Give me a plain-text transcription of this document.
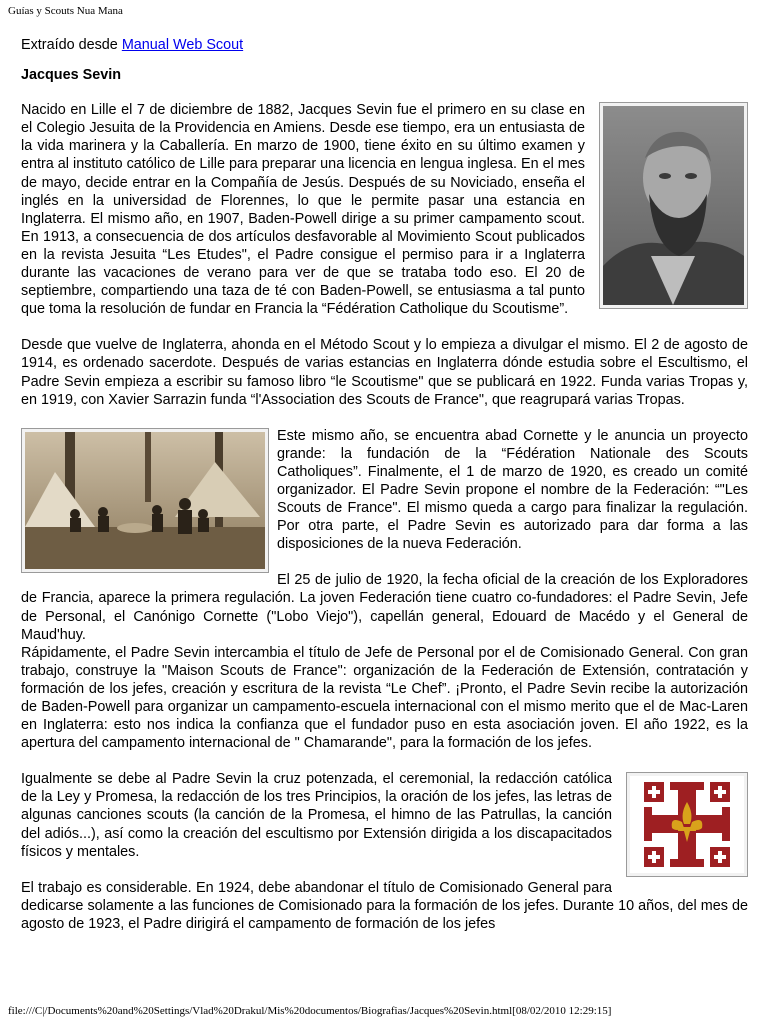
Guías y Scouts Nua Mana

Extraído desde Manual Web Scout

Jacques Sevin

Nacido en Lille el 7 de diciembre de 1882, Jacques Sevin fue el primero en su clase en el Colegio Jesuita de la Providencia en Amiens. Desde ese tiempo, era un entusiasta de la vida marinera y la Caballería. En marzo de 1900, tiene éxito en su último examen y entra al instituto católico de Lille para preparar una licencia en lengua inglesa. En el mes de mayo, decide entrar en la Compañía de Jesús. Después de su Noviciado, enseña el inglés en la universidad de Florennes, lo que le permite pasar una estancia en Inglaterra. El mismo año, en 1907, Baden-Powell dirige a su primer campamento scout. En 1913, a consecuencia de dos artículos desfavorable al Movimiento Scout publicados en la revista Jesuita “Les Etudes", el Padre consigue el permiso para ir a Inglaterra durante las vacaciones de verano para ver de que se trataba todo eso. El 20 de septiembre, compartiendo una taza de té con Baden-Powell, se entusiasma a tal punto que toma la resolución de fundar en Francia la “Fédération Catholique du Scoutisme”.

Desde que vuelve de Inglaterra, ahonda en el Método Scout y lo empieza a divulgar el mismo. El 2 de agosto de 1914, es ordenado sacerdote. Después de varias estancias en Inglaterra dónde estudia sobre el Escultismo, el Padre Sevin empieza a escribir su famoso libro “le Scoutisme" que se publicará en 1922. Funda varias Tropas y, en 1919, con Xavier Sarrazin funda “l'Association des Scouts de France", que reagrupará varias Tropas.

Este mismo año, se encuentra abad Cornette y le anuncia un proyecto grande: la fundación de la “Fédération Nationale des Scouts Catholiques”. Finalmente, el 1 de marzo de 1920, es creado un comité organizador. El Padre Sevin propone el nombre de la Federación: “"Les Scouts de France". El mismo queda a cargo para finalizar la regulación. Por otra parte, el Padre Sevin es autorizado para dar forma a las disposiciones de la nueva Federación.

El 25 de julio de 1920, la fecha oficial de la creación de los Exploradores de Francia, aparece la primera regulación. La joven Federación tiene cuatro co-fundadores: el Padre Sevin, Jefe de Personal, el Canónigo Cornette ("Lobo Viejo"), capellán general, Edouard de Macédo y el General de Maud'huy.

Rápidamente, el Padre Sevin intercambia el título de Jefe de Personal por el de Comisionado General. Con gran trabajo, construye la "Maison Scouts de France": organización de la Federación de Extensión, contratación y formación de los jefes, creación y escritura de la revista “Le Chef”. ¡Pronto, el Padre Sevin recibe la autorización de Baden-Powell para organizar un campamento-escuela internacional con el mismo merito que el de Mac-Laren en Inglaterra: esto nos indica la confianza que el fundador puso en esta asociación joven. El año 1922, es la apertura del campamento internacional de " Chamarande", para la formación de los jefes.

Igualmente se debe al Padre Sevin la cruz potenzada, el ceremonial, la redacción católica de la Ley y Promesa, la redacción de los tres Principios, la oración de los jefes, las letras de algunas canciones scouts (la canción de la Promesa, el himno de las Patrullas, la canción del adiós...), así como la creación del escultismo por Extensión dirigida a los discapacitados físicos y mentales.

El trabajo es considerable. En 1924, debe abandonar el título de Comisionado General para dedicarse solamente a las funciones de Comisionado para la formación de los jefes. Durante 10 años, del mes de agosto de 1923, el Padre dirigirá el campamento de formación de los jefes

file:///C|/Documents%20and%20Settings/Vlad%20Drakul/Mis%20documentos/Biografias/Jacques%20Sevin.html[08/02/2010 12:29:15]
